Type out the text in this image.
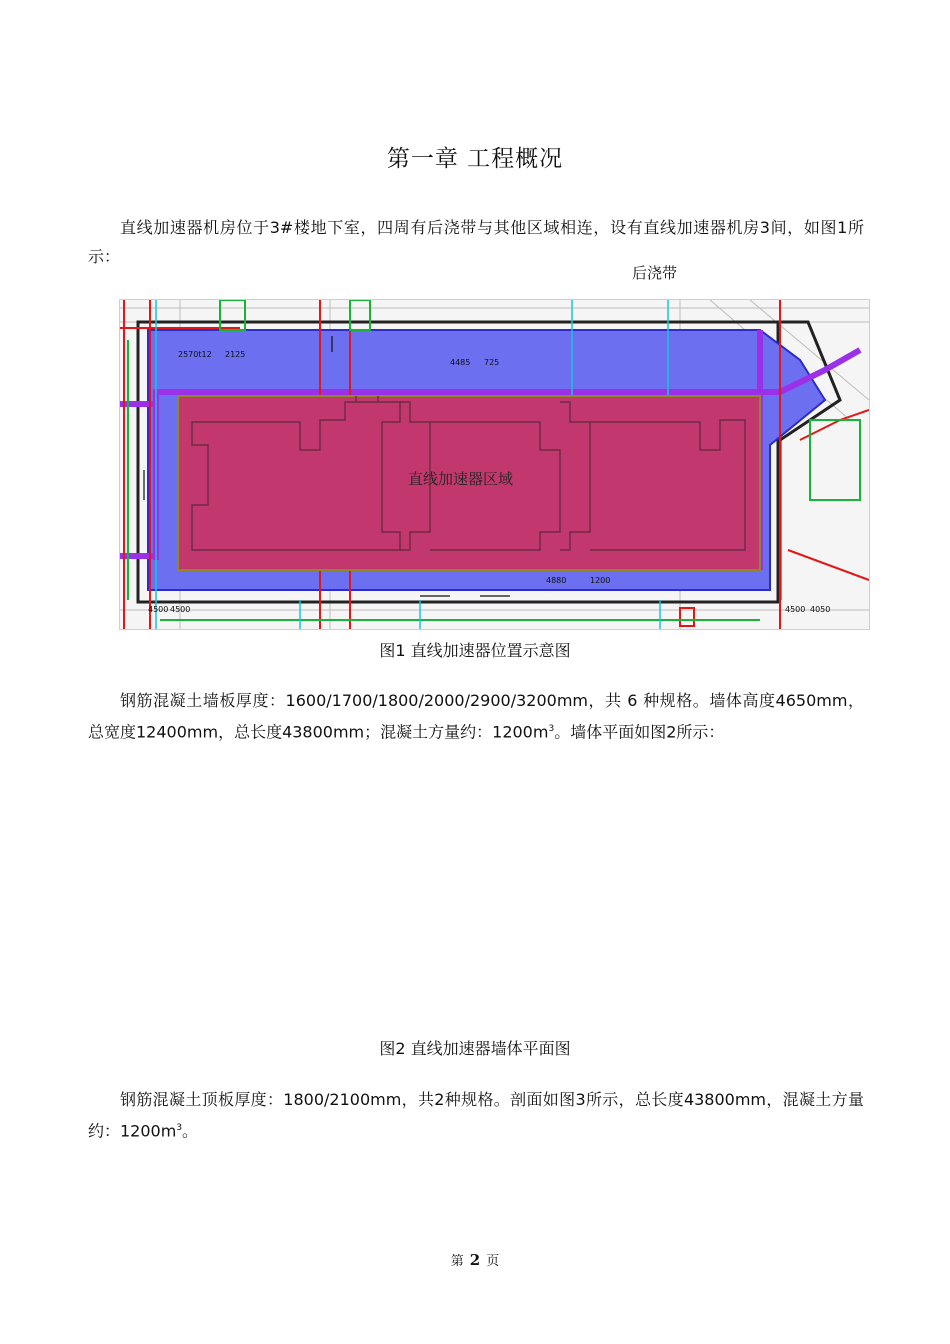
第一章 工程概况

直线加速器机房位于3#楼地下室，四周有后浇带与其他区域相连，设有直线加速器机房3间，如图1所示：

后浇带
2570t12 2125
4485 725
4500 4500
4880	1200
4500 4050
直线加速器区域
图1 直线加速器位置示意图

钢筋混凝土墙板厚度：1600/1700/1800/2000/2900/3200mm，共 6 种规格。墙体高度4650mm，总宽度12400mm，总长度43800mm；混凝土方量约：$1200m^3$。墙体平面如图2所示：

图2 直线加速器墙体平面图

钢筋混凝土顶板厚度：1800/2100mm，共2种规格。剖面如图3所示，总长度43800mm，混凝土方量约：$1200m^3$。

第 2 页
